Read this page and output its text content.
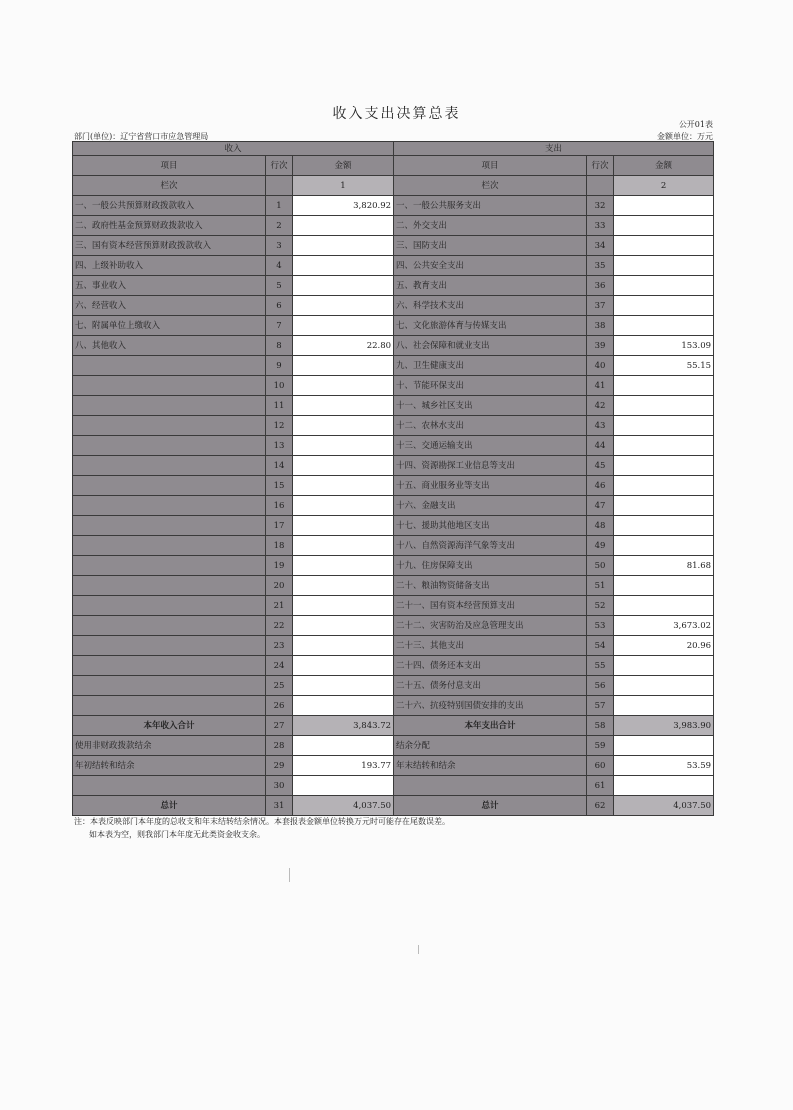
收入支出决算总表
公开01表
部门(单位)：辽宁省营口市应急管理局	金额单位：万元
收入			支出		
项目	行次	金额	项目	行次	金额
栏次		1	栏次		2
一、一般公共预算财政拨款收入	1	3,820.92	一、一般公共服务支出	32	
二、政府性基金预算财政拨款收入	2		二、外交支出	33	
三、国有资本经营预算财政拨款收入	3		三、国防支出	34	
四、上级补助收入	4		四、公共安全支出	35	
五、事业收入	5		五、教育支出	36	
六、经营收入	6		六、科学技术支出	37	
七、附属单位上缴收入	7		七、文化旅游体育与传媒支出	38	
八、其他收入	8	22.80	八、社会保障和就业支出	39	153.09
	9		九、卫生健康支出	40	55.15
	10		十、节能环保支出	41	
	11		十一、城乡社区支出	42	
	12		十二、农林水支出	43	
	13		十三、交通运输支出	44	
	14		十四、资源勘探工业信息等支出	45	
	15		十五、商业服务业等支出	46	
	16		十六、金融支出	47	
	17		十七、援助其他地区支出	48	
	18		十八、自然资源海洋气象等支出	49	
	19		十九、住房保障支出	50	81.68
	20		二十、粮油物资储备支出	51	
	21		二十一、国有资本经营预算支出	52	
	22		二十二、灾害防治及应急管理支出	53	3,673.02
	23		二十三、其他支出	54	20.96
	24		二十四、债务还本支出	55	
	25		二十五、债务付息支出	56	
	26		二十六、抗疫特别国债安排的支出	57	
本年收入合计	27	3,843.72	本年支出合计	58	3,983.90
使用非财政拨款结余	28		结余分配	59	
年初结转和结余	29	193.77	年末结转和结余	60	53.59
	30			61	
总计	31	4,037.50	总计	62	4,037.50
注：本表反映部门本年度的总收支和年末结转结余情况。本套报表金额单位转换万元时可能存在尾数误差。
如本表为空，则我部门本年度无此类资金收支余。
